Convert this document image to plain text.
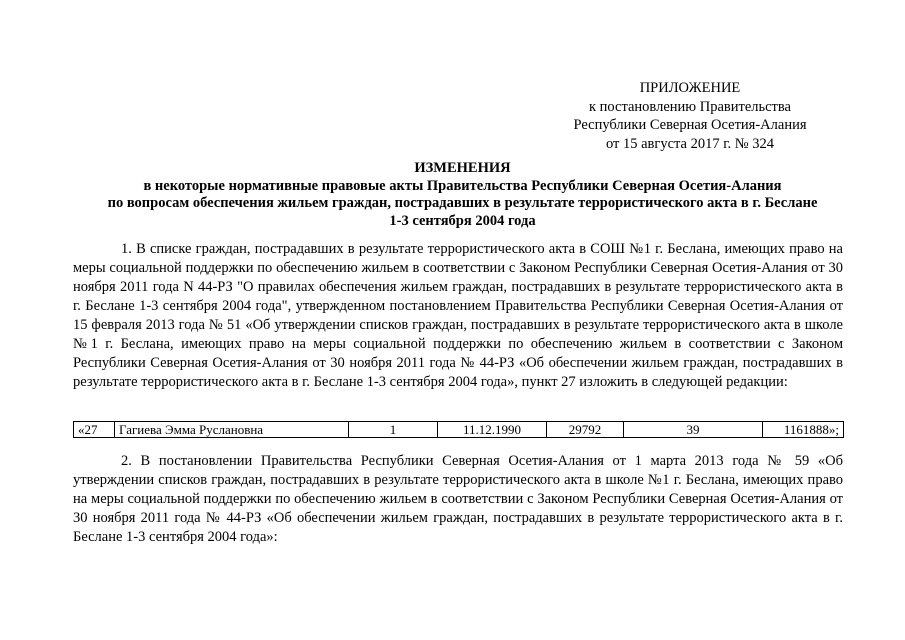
ПРИЛОЖЕНИЕ
к постановлению Правительства
Республики Северная Осетия-Алания
от 15 августа 2017 г. № 324
ИЗМЕНЕНИЯ
в некоторые нормативные правовые акты Правительства Республики Северная Осетия-Алания
по вопросам обеспечения жильем граждан, пострадавших в результате террористического акта в г. Беслане
1-3 сентября 2004 года

1. В списке граждан, пострадавших в результате террористического акта в СОШ №1 г. Беслана, имеющих право на меры социальной поддержки по обеспечению жильем в соответствии с Законом Республики Северная Осетия-Алания от 30 ноября 2011 года N 44-РЗ "О правилах обеспечения жильем граждан, пострадавших в результате террористического акта в г. Беслане 1-3 сентября 2004 года", утвержденном постановлением Правительства Республики Северная Осетия-Алания от 15 февраля 2013 года № 51 «Об утверждении списков граждан, пострадавших в результате террористического акта в школе №1 г. Беслана, имеющих право на меры социальной поддержки по обеспечению жильем в соответствии с Законом Республики Северная Осетия-Алания от 30 ноября 2011 года № 44-РЗ «Об обеспечении жильем граждан, пострадавших в результате террористического акта в г. Беслане 1-3 сентября 2004 года», пункт 27 изложить в следующей редакции:

«27	Гагиева Эмма Руслановна	1	11.12.1990	29792	39	1161888»;

2. В постановлении Правительства Республики Северная Осетия-Алания от 1 марта 2013 года № 59 «Об утверждении списков граждан, пострадавших в результате террористического акта в школе №1 г. Беслана, имеющих право на меры социальной поддержки по обеспечению жильем в соответствии с Законом Республики Северная Осетия-Алания от 30 ноября 2011 года № 44-РЗ «Об обеспечении жильем граждан, пострадавших в результате террористического акта в г. Беслане 1-3 сентября 2004 года»:
